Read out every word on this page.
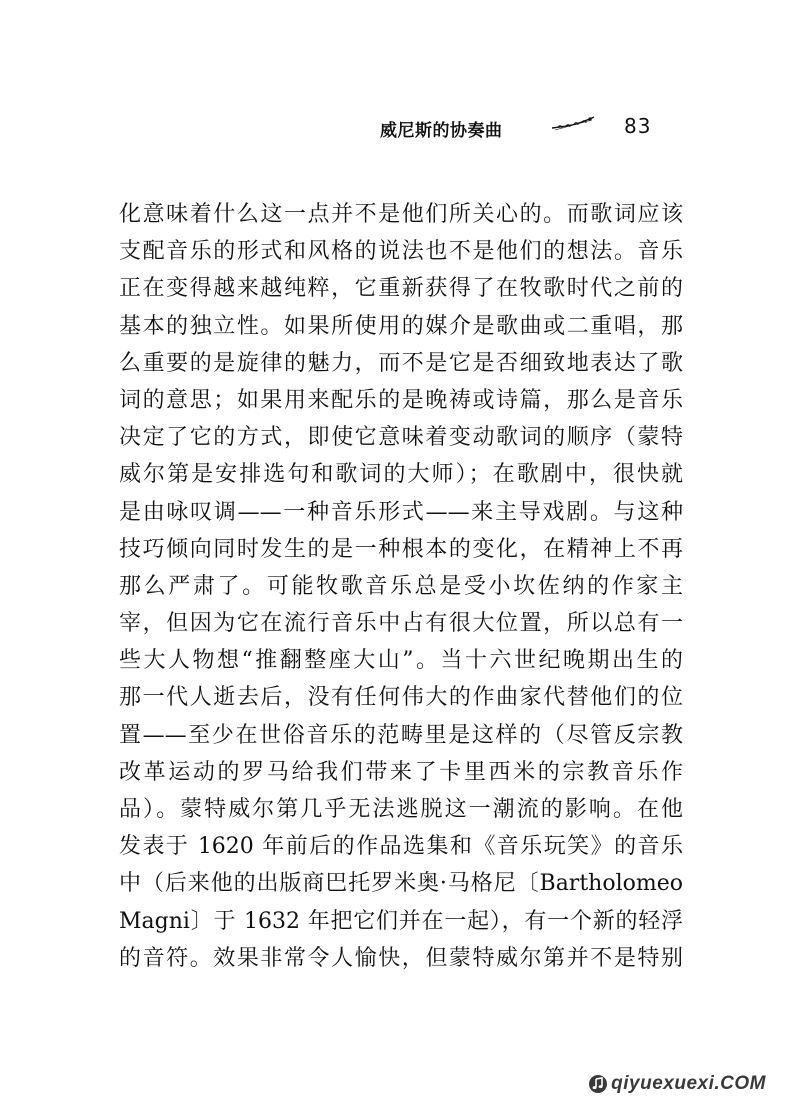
威尼斯的协奏曲	83
化意味着什么这一点并不是他们所关心的。而歌词应该
支配音乐的形式和风格的说法也不是他们的想法。音乐
正在变得越来越纯粹，它重新获得了在牧歌时代之前的
基本的独立性。如果所使用的媒介是歌曲或二重唱，那
么重要的是旋律的魅力，而不是它是否细致地表达了歌
词的意思；如果用来配乐的是晚祷或诗篇，那么是音乐
决定了它的方式，即使它意味着变动歌词的顺序（蒙特
威尔第是安排选句和歌词的大师）；在歌剧中，很快就
是由咏叹调——一种音乐形式——来主导戏剧。与这种
技巧倾向同时发生的是一种根本的变化，在精神上不再
那么严肃了。可能牧歌音乐总是受小坎佐纳的作家主
宰，但因为它在流行音乐中占有很大位置，所以总有一
些大人物想“推翻整座大山”。当十六世纪晚期出生的
那一代人逝去后，没有任何伟大的作曲家代替他们的位
置——至少在世俗音乐的范畴里是这样的（尽管反宗教
改革运动的罗马给我们带来了卡里西米的宗教音乐作
品）。蒙特威尔第几乎无法逃脱这一潮流的影响。在他
发表于 1620 年前后的作品选集和《音乐玩笑》的音乐
中（后来他的出版商巴托罗米奥·马格尼〔Bartholomeo
Magni〕于 1632 年把它们并在一起），有一个新的轻浮
的音符。效果非常令人愉快，但蒙特威尔第并不是特别
qiyuexuexi.COM
